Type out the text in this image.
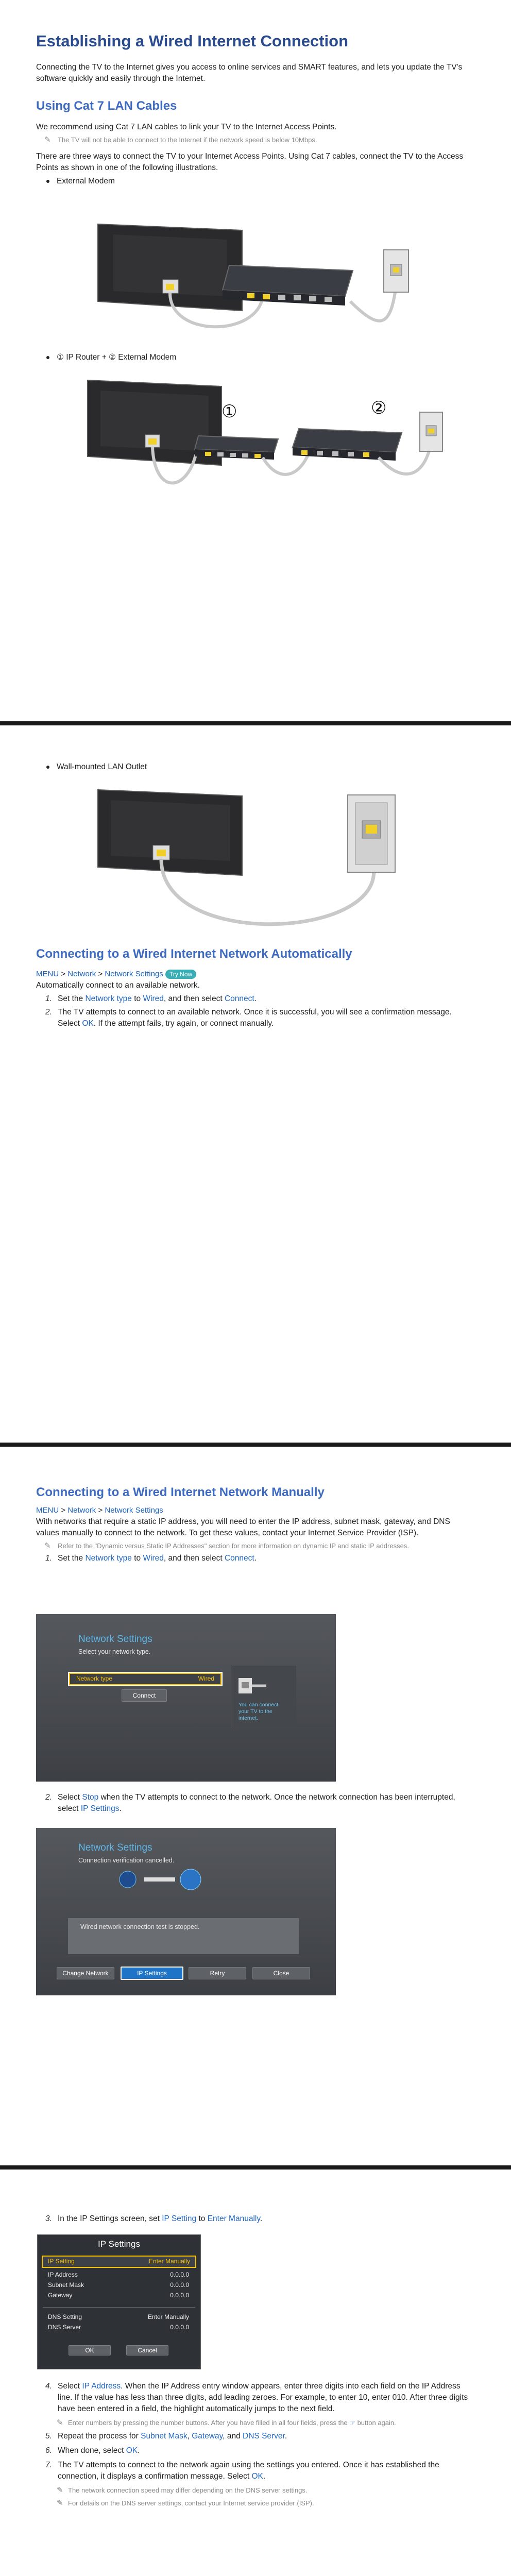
Establishing a Wired Internet Connection

Connecting the TV to the Internet gives you access to online services and SMART features, and lets you update the TV's software quickly and easily through the Internet.

Using Cat 7 LAN Cables

We recommend using Cat 7 LAN cables to link your TV to the Internet Access Points.

✎ The TV will not be able to connect to the Internet if the network speed is below 10Mbps.

There are three ways to connect the TV to your Internet Access Points. Using Cat 7 cables, connect the TV to the Access Points as shown in one of the following illustrations.

External Modem
① IP Router + ② External Modem
①	②
Wall-mounted LAN Outlet
Connecting to a Wired Internet Network Automatically
MENU > Network > Network Settings Try Now

Automatically connect to an available network.

1. Set the Network type to Wired, and then select Connect.
2. The TV attempts to connect to an available network. Once it is successful, you will see a confirmation message. Select OK. If the attempt fails, try again, or connect manually.
Connecting to a Wired Internet Network Manually
MENU > Network > Network Settings

With networks that require a static IP address, you will need to enter the IP address, subnet mask, gateway, and DNS values manually to connect to the network. To get these values, contact your Internet Service Provider (ISP).

✎ Refer to the "Dynamic versus Static IP Addresses" section for more information on dynamic IP and static IP addresses.
1. Set the Network type to Wired, and then select Connect.
Network Settings
Select your network type.
Network type	Wired
Connect
You can connect your TV to the internet.
2. Select Stop when the TV attempts to connect to the network. Once the network connection has been interrupted, select IP Settings.
Network Settings
Connection verification cancelled.
Wired network connection test is stopped.
Change Network	IP Settings	Retry	Close
3. In the IP Settings screen, set IP Setting to Enter Manually.
IP Settings
IP Setting	Enter Manually
IP Address	0.0.0.0
Subnet Mask	0.0.0.0
Gateway	0.0.0.0
DNS Setting	Enter Manually
DNS Server	0.0.0.0
OK	Cancel
4. Select IP Address. When the IP Address entry window appears, enter three digits into each field on the IP Address line. If the value has less than three digits, add leading zeroes. For example, to enter 10, enter 010. After three digits have been entered in a field, the highlight automatically jumps to the next field.
✎ Enter numbers by pressing the number buttons. After you have filled in all four fields, press the ☞ button again.
5. Repeat the process for Subnet Mask, Gateway, and DNS Server.
6. When done, select OK.
7. The TV attempts to connect to the network again using the settings you entered. Once it has established the connection, it displays a confirmation message. Select OK.
✎ The network connection speed may differ depending on the DNS server settings.
✎ For details on the DNS server settings, contact your Internet service provider (ISP).
